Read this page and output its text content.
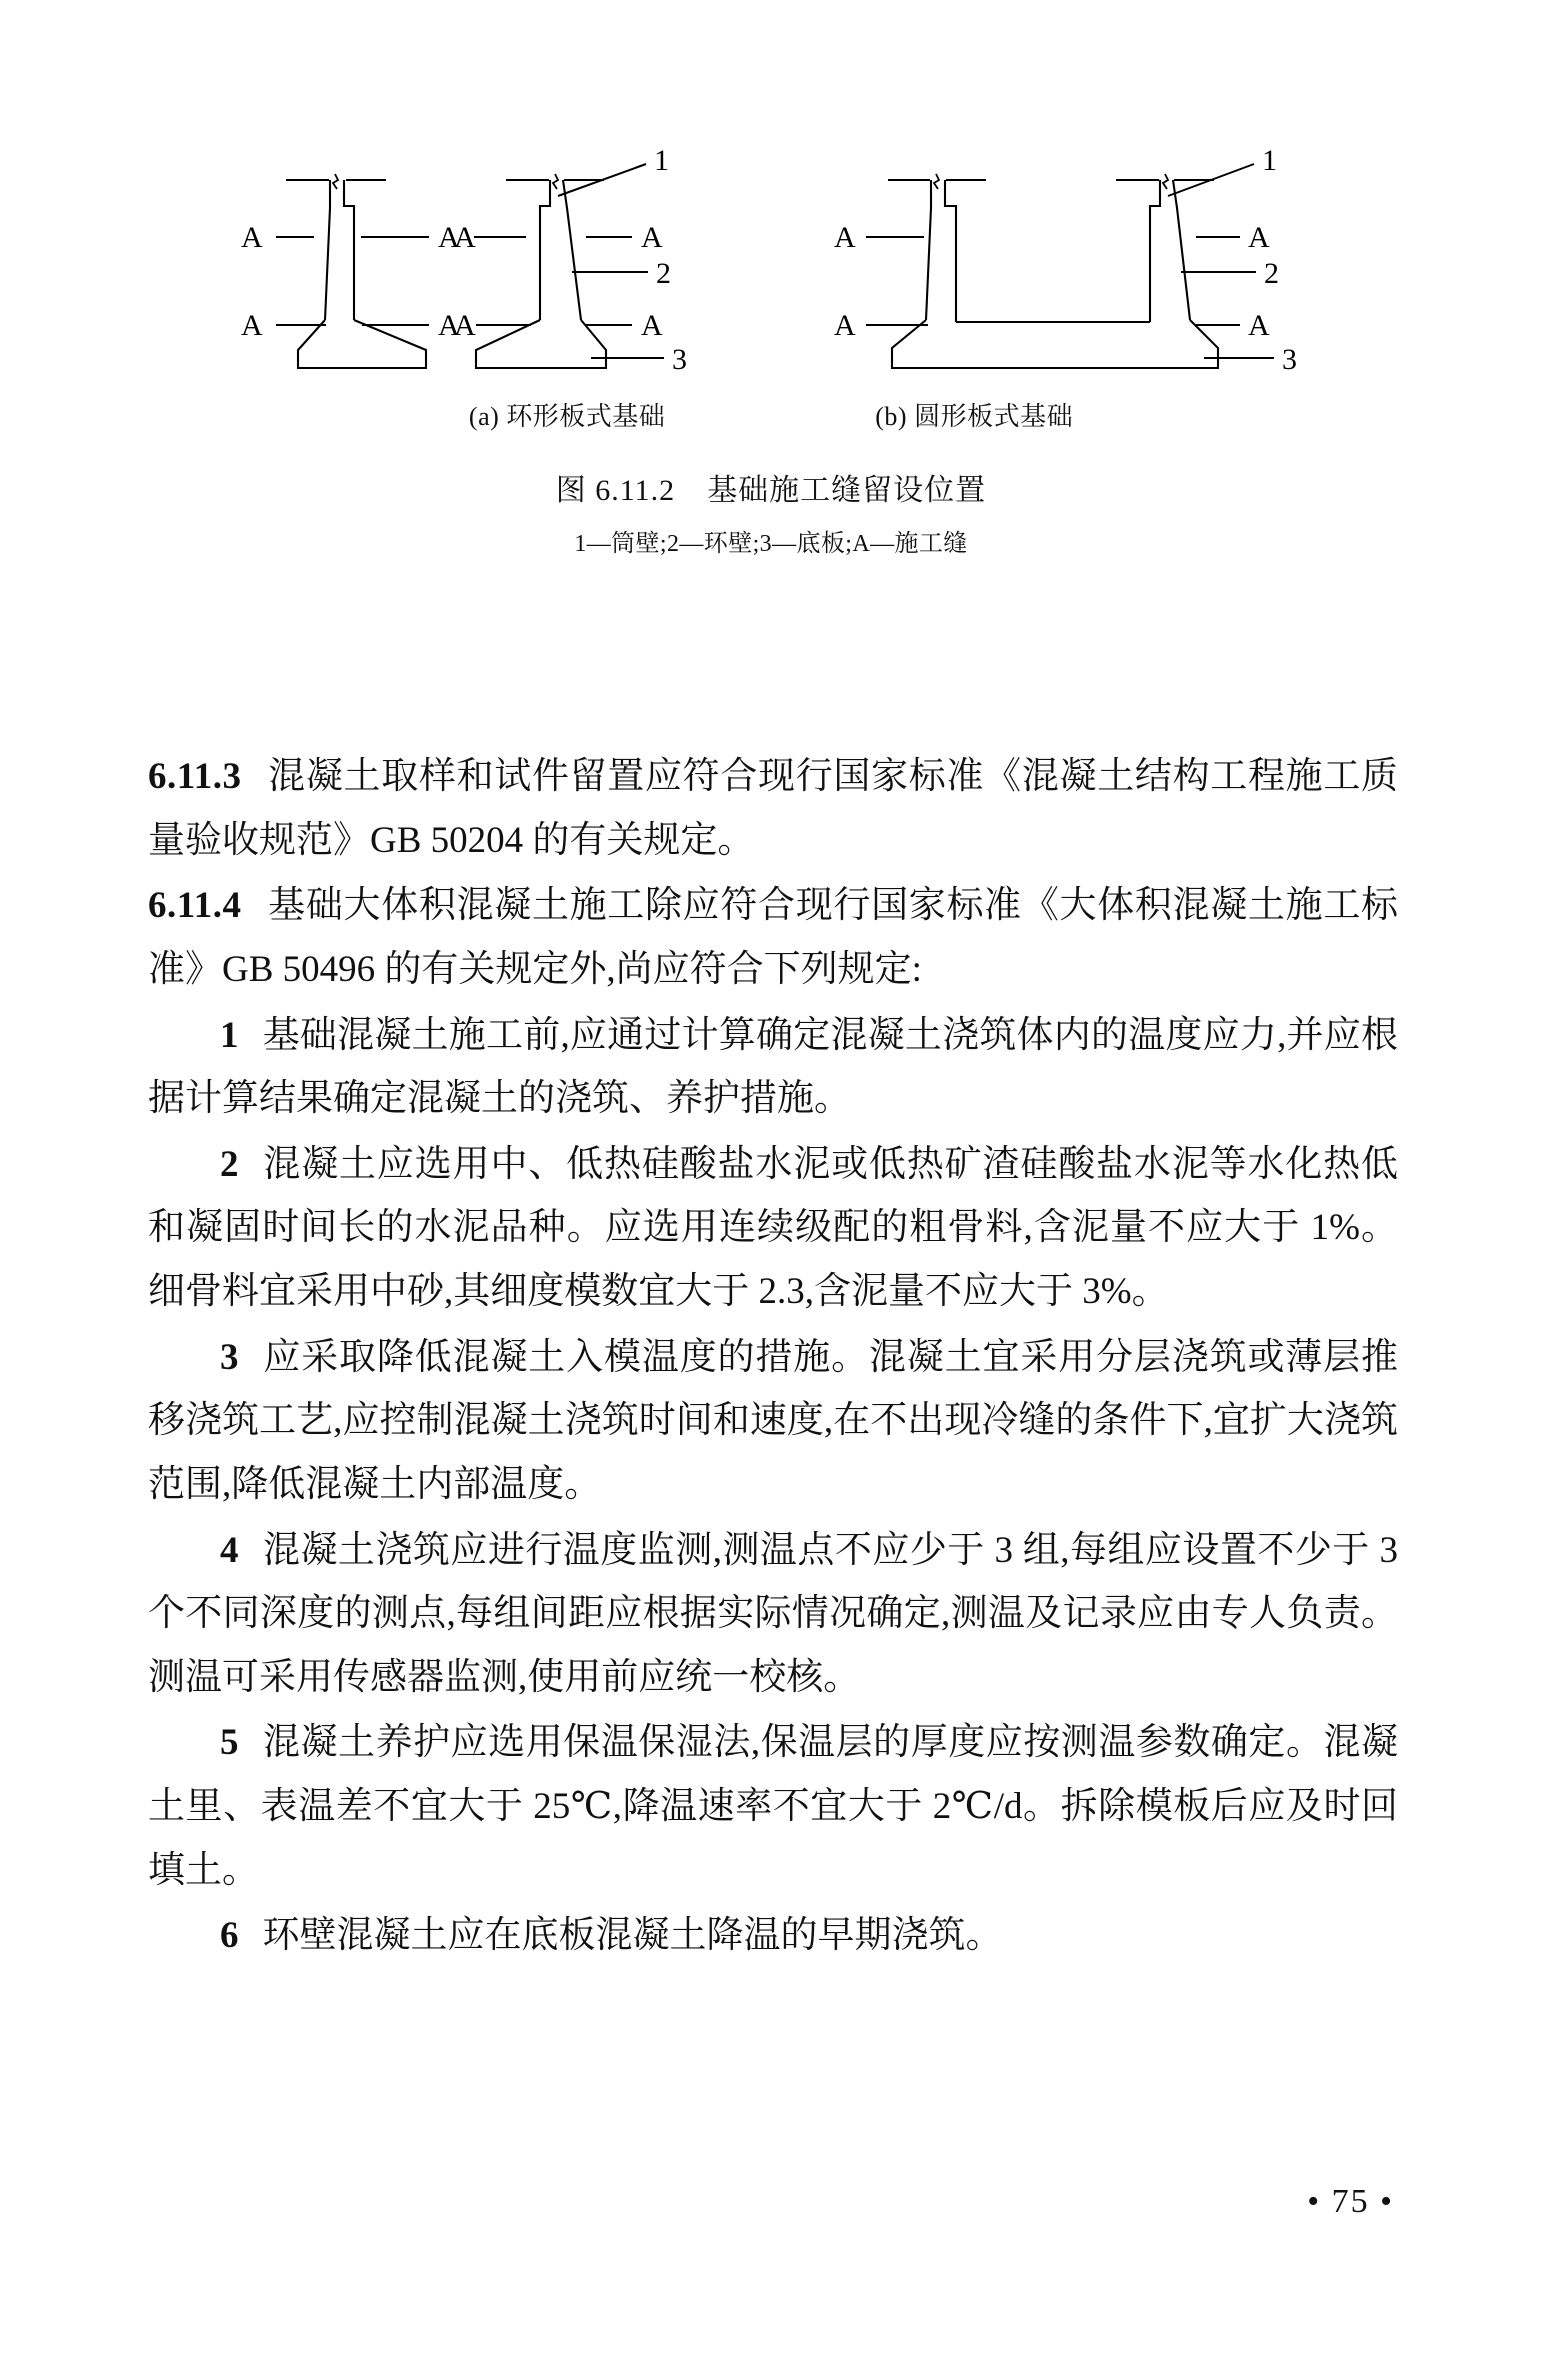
A	A
A	A
A	A
A	A
1
2
3
A	A
A	A
1
2
3
(a) 环形板式基础	(b) 圆形板式基础
图 6.11.2 基础施工缝留设位置
1—筒壁;2—环壁;3—底板;A—施工缝

6.11.3 混凝土取样和试件留置应符合现行国家标准《混凝土结构工程施工质量验收规范》GB 50204 的有关规定。

6.11.4 基础大体积混凝土施工除应符合现行国家标准《大体积混凝土施工标准》GB 50496 的有关规定外,尚应符合下列规定:

1 基础混凝土施工前,应通过计算确定混凝土浇筑体内的温度应力,并应根据计算结果确定混凝土的浇筑、养护措施。

2 混凝土应选用中、低热硅酸盐水泥或低热矿渣硅酸盐水泥等水化热低和凝固时间长的水泥品种。应选用连续级配的粗骨料,含泥量不应大于 1%。细骨料宜采用中砂,其细度模数宜大于 2.3,含泥量不应大于 3%。

3 应采取降低混凝土入模温度的措施。混凝土宜采用分层浇筑或薄层推移浇筑工艺,应控制混凝土浇筑时间和速度,在不出现冷缝的条件下,宜扩大浇筑范围,降低混凝土内部温度。

4 混凝土浇筑应进行温度监测,测温点不应少于 3 组,每组应设置不少于 3 个不同深度的测点,每组间距应根据实际情况确定,测温及记录应由专人负责。测温可采用传感器监测,使用前应统一校核。

5 混凝土养护应选用保温保湿法,保温层的厚度应按测温参数确定。混凝土里、表温差不宜大于 25℃,降温速率不宜大于 2℃/d。拆除模板后应及时回填土。

6 环壁混凝土应在底板混凝土降温的早期浇筑。

• 75 •
